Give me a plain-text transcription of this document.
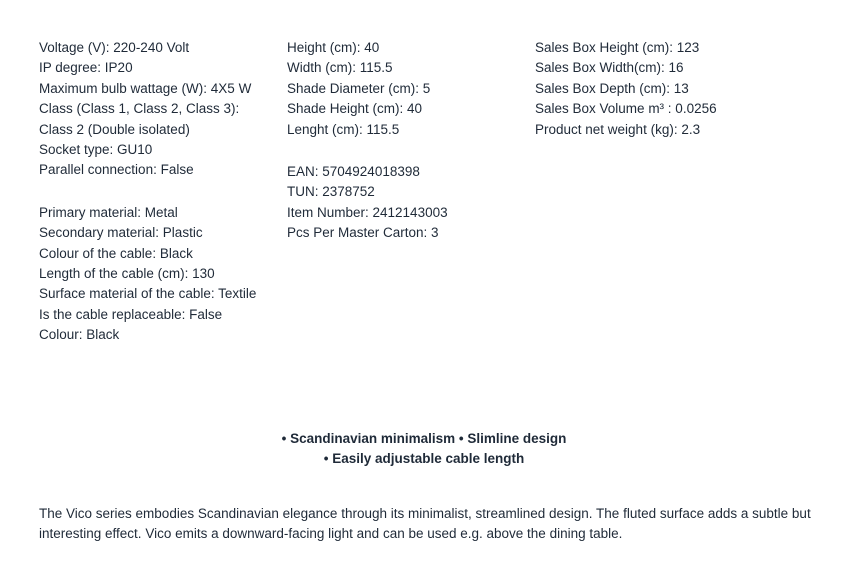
Voltage (V): 220-240 Volt

IP degree: IP20

Maximum bulb wattage (W): 4X5 W

Class (Class 1, Class 2, Class 3): Class 2 (Double isolated)

Socket type: GU10

Parallel connection: False

Primary material: Metal

Secondary material: Plastic

Colour of the cable: Black

Length of the cable (cm): 130

Surface material of the cable: Textile

Is the cable replaceable: False

Colour: Black

Height (cm): 40

Width (cm): 115.5

Shade Diameter (cm): 5

Shade Height (cm): 40

Lenght (cm): 115.5

EAN: 5704924018398

TUN: 2378752

Item Number: 2412143003

Pcs Per Master Carton: 3

Sales Box Height (cm): 123

Sales Box Width(cm): 16

Sales Box Depth (cm): 13

Sales Box Volume m³ : 0.0256

Product net weight (kg): 2.3

• Scandinavian minimalism • Slimline design

• Easily adjustable cable length

The Vico series embodies Scandinavian elegance through its minimalist, streamlined design. The fluted surface adds a subtle but interesting effect. Vico emits a downward-facing light and can be used e.g. above the dining table.
